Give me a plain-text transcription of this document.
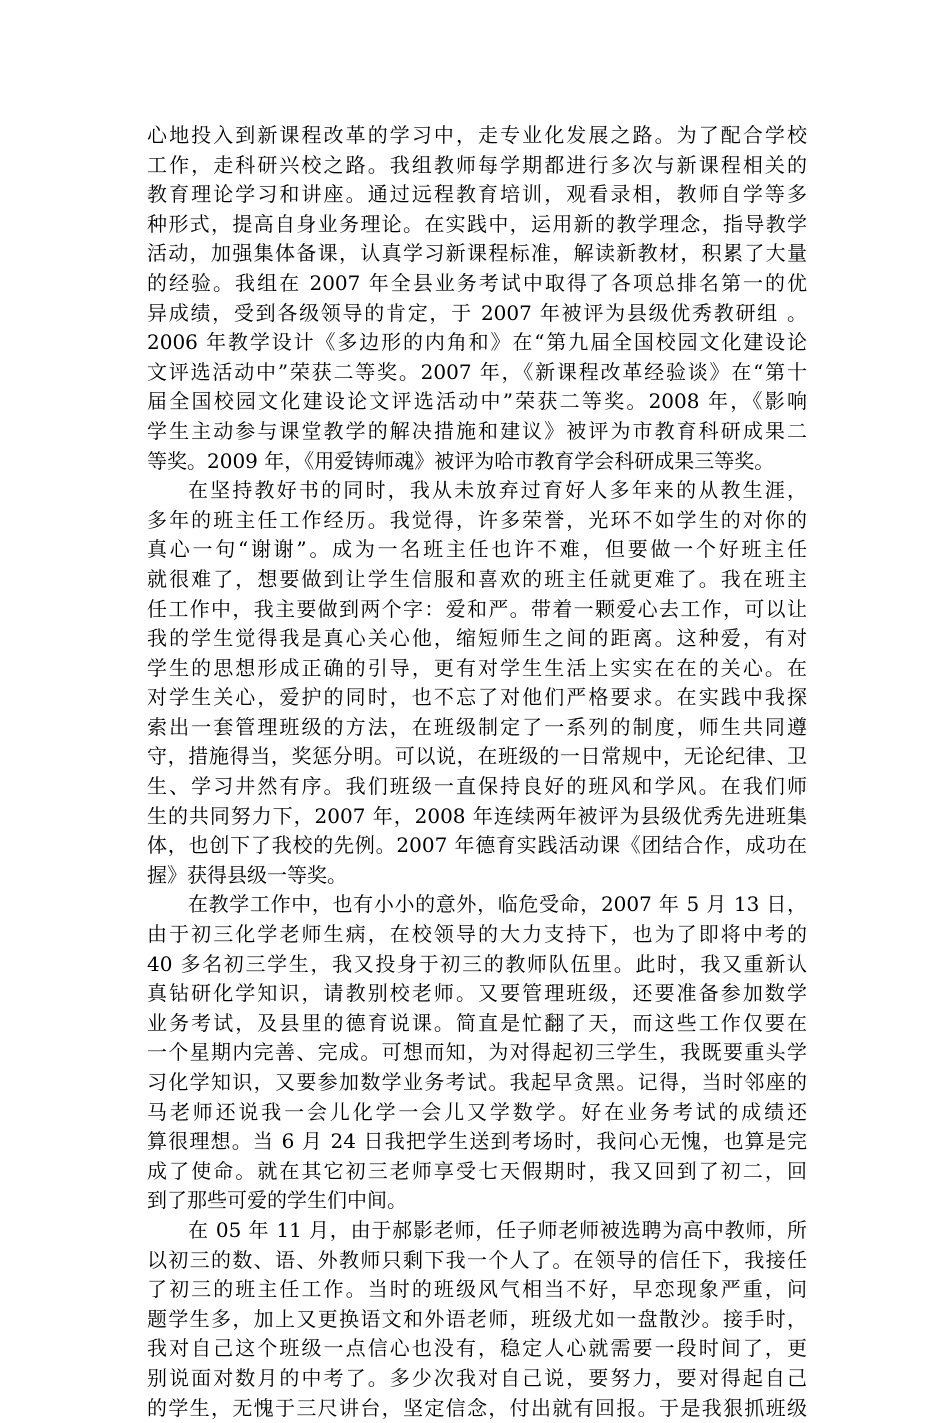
心地投入到新课程改革的学习中，走专业化发展之路。为了配合学校
工作，走科研兴校之路。我组教师每学期都进行多次与新课程相关的
教育理论学习和讲座。通过远程教育培训，观看录相，教师自学等多
种形式，提高自身业务理论。在实践中，运用新的教学理念，指导教学
活动，加强集体备课，认真学习新课程标准，解读新教材，积累了大量
的经验。我组在 2007 年全县业务考试中取得了各项总排名第一的优
异成绩，受到各级领导的肯定，于 2007 年被评为县级优秀教研组 。
2006 年教学设计《多边形的内角和》在“第九届全国校园文化建设论
文评选活动中”荣获二等奖。2007 年，《新课程改革经验谈》在“第十
届全国校园文化建设论文评选活动中”荣获二等奖。2008 年，《影响
学生主动参与课堂教学的解决措施和建议》被评为市教育科研成果二
等奖。2009 年，《用爱铸师魂》被评为哈市教育学会科研成果三等奖。
在坚持教好书的同时，我从未放弃过育好人多年来的从教生涯，
多年的班主任工作经历。我觉得，许多荣誉，光环不如学生的对你的
真心一句“谢谢”。成为一名班主任也许不难，但要做一个好班主任
就很难了，想要做到让学生信服和喜欢的班主任就更难了。我在班主
任工作中，我主要做到两个字：爱和严。带着一颗爱心去工作，可以让
我的学生觉得我是真心关心他，缩短师生之间的距离。这种爱，有对
学生的思想形成正确的引导，更有对学生生活上实实在在的关心。在
对学生关心，爱护的同时，也不忘了对他们严格要求。在实践中我探
索出一套管理班级的方法，在班级制定了一系列的制度，师生共同遵
守，措施得当，奖惩分明。可以说，在班级的一日常规中，无论纪律、卫
生、学习井然有序。我们班级一直保持良好的班风和学风。在我们师
生的共同努力下，2007 年，2008 年连续两年被评为县级优秀先进班集
体，也创下了我校的先例。2007 年德育实践活动课《团结合作，成功在
握》获得县级一等奖。
在教学工作中，也有小小的意外，临危受命，2007 年 5 月 13 日，
由于初三化学老师生病，在校领导的大力支持下，也为了即将中考的
40 多名初三学生，我又投身于初三的教师队伍里。此时，我又重新认
真钻研化学知识，请教别校老师。又要管理班级，还要准备参加数学
业务考试，及县里的德育说课。简直是忙翻了天，而这些工作仅要在
一个星期内完善、完成。可想而知，为对得起初三学生，我既要重头学
习化学知识，又要参加数学业务考试。我起早贪黑。记得，当时邻座的
马老师还说我一会儿化学一会儿又学数学。好在业务考试的成绩还
算很理想。当 6 月 24 日我把学生送到考场时，我问心无愧，也算是完
成了使命。就在其它初三老师享受七天假期时，我又回到了初二，回
到了那些可爱的学生们中间。
在 05 年 11 月，由于郝影老师，任子师老师被选聘为高中教师，所
以初三的数、语、外教师只剩下我一个人了。在领导的信任下，我接任
了初三的班主任工作。当时的班级风气相当不好，早恋现象严重，问
题学生多，加上又更换语文和外语老师，班级尤如一盘散沙。接手时，
我对自己这个班级一点信心也没有，稳定人心就需要一段时间了，更
别说面对数月的中考了。多少次我对自己说，要努力，要对得起自己
的学生，无愧于三尺讲台，坚定信念，付出就有回报。于是我狠抓班级
